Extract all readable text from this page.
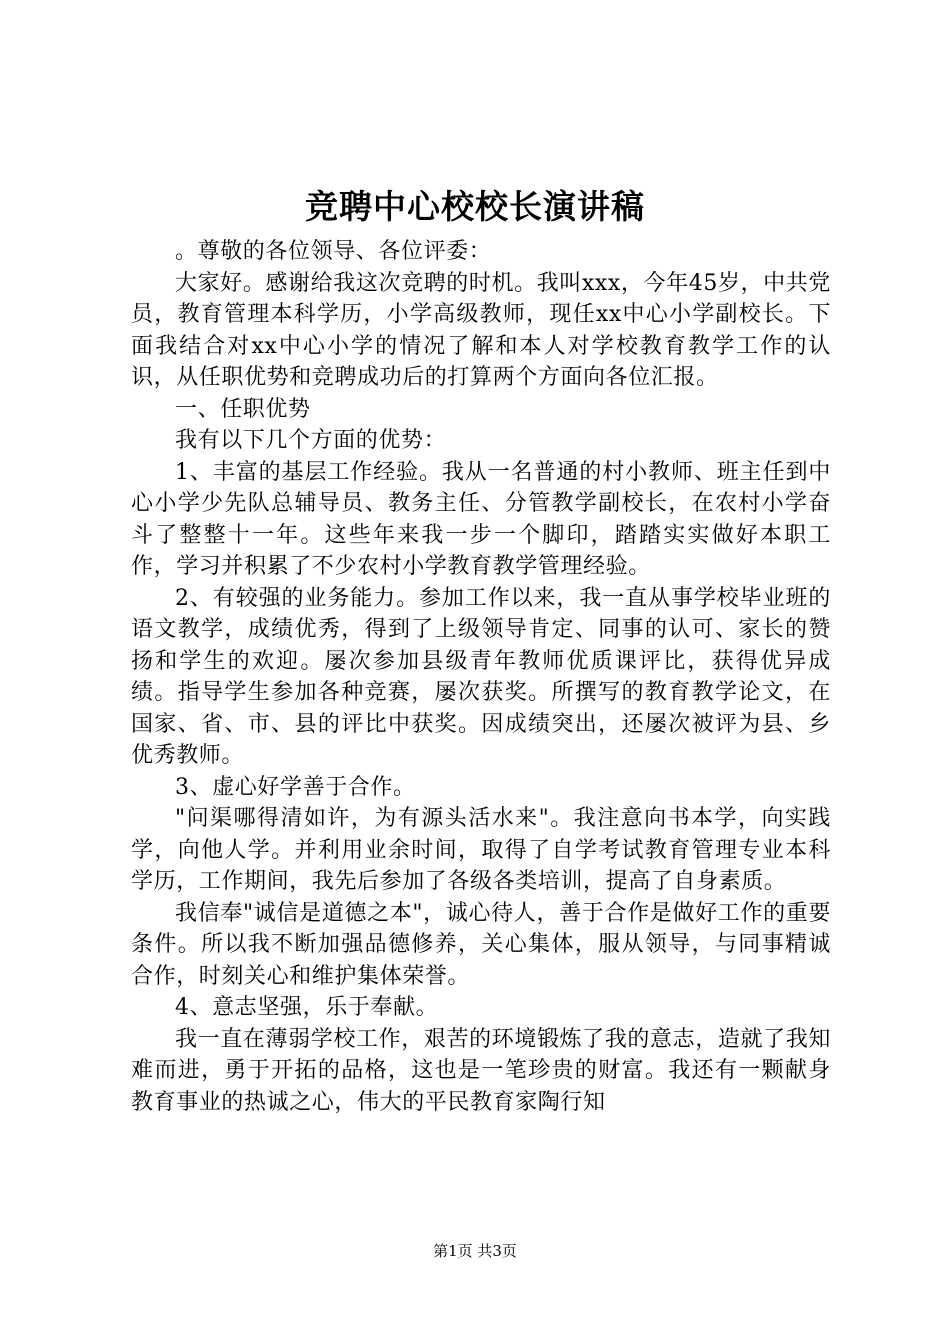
竞聘中心校校长演讲稿

。尊敬的各位领导、各位评委：

大家好。感谢给我这次竞聘的时机。我叫xxx，今年45岁，中共党员，教育管理本科学历，小学高级教师，现任xx中心小学副校长。下面我结合对xx中心小学的情况了解和本人对学校教育教学工作的认识，从任职优势和竞聘成功后的打算两个方面向各位汇报。

一、任职优势

我有以下几个方面的优势：

1、丰富的基层工作经验。我从一名普通的村小教师、班主任到中心小学少先队总辅导员、教务主任、分管教学副校长，在农村小学奋斗了整整十一年。这些年来我一步一个脚印，踏踏实实做好本职工作，学习并积累了不少农村小学教育教学管理经验。

2、有较强的业务能力。参加工作以来，我一直从事学校毕业班的语文教学，成绩优秀，得到了上级领导肯定、同事的认可、家长的赞扬和学生的欢迎。屡次参加县级青年教师优质课评比，获得优异成绩。指导学生参加各种竞赛，屡次获奖。所撰写的教育教学论文，在国家、省、市、县的评比中获奖。因成绩突出，还屡次被评为县、乡优秀教师。

3、虚心好学善于合作。

"问渠哪得清如许，为有源头活水来"。我注意向书本学，向实践学，向他人学。并利用业余时间，取得了自学考试教育管理专业本科学历，工作期间，我先后参加了各级各类培训，提高了自身素质。

我信奉"诚信是道德之本"，诚心待人，善于合作是做好工作的重要条件。所以我不断加强品德修养，关心集体，服从领导，与同事精诚合作，时刻关心和维护集体荣誉。

4、意志坚强，乐于奉献。

我一直在薄弱学校工作，艰苦的环境锻炼了我的意志，造就了我知难而进，勇于开拓的品格，这也是一笔珍贵的财富。我还有一颗献身教育事业的热诚之心，伟大的平民教育家陶行知

第1页 共3页
